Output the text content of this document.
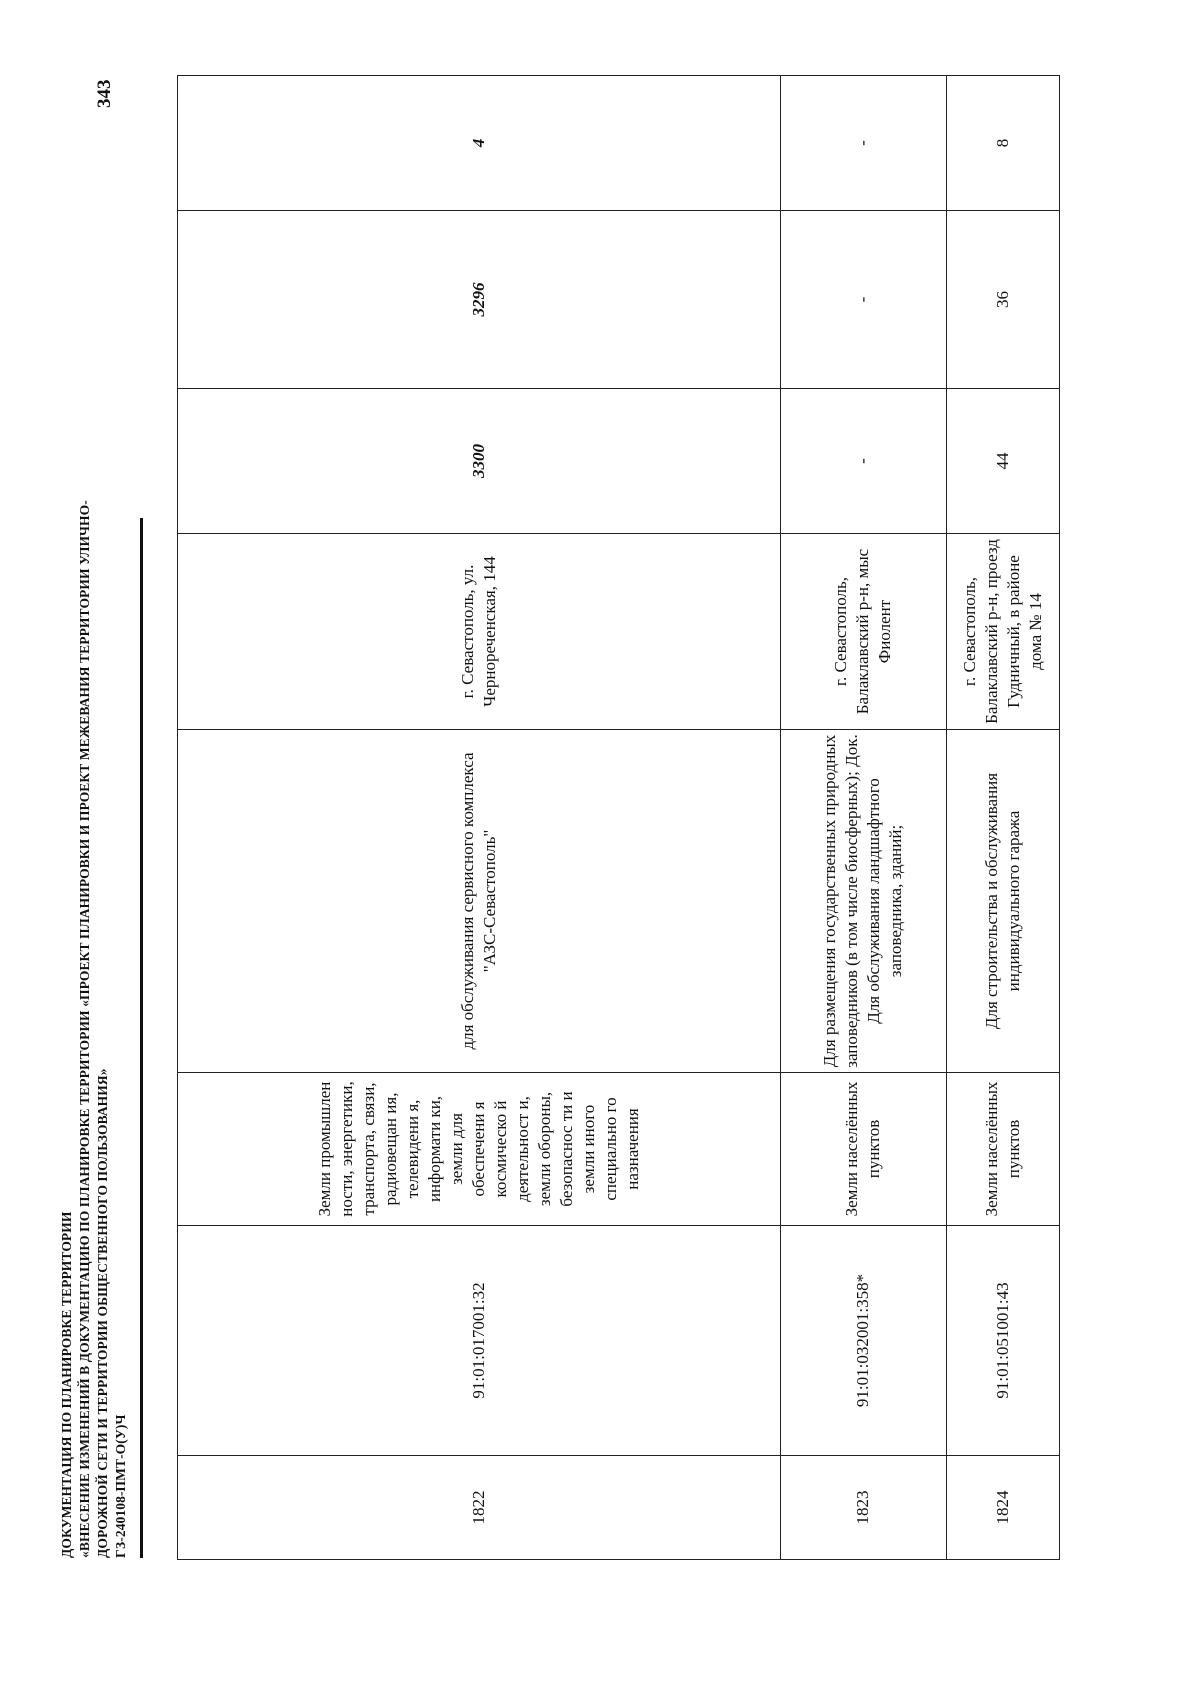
ДОКУМЕНТАЦИЯ ПО ПЛАНИРОВКЕ ТЕРРИТОРИИ «ВНЕСЕНИЕ ИЗМЕНЕНИЙ В ДОКУМЕНТАЦИЮ ПО ПЛАНИРОВКЕ ТЕРРИТОРИИ «ПРОЕКТ ПЛАНИРОВКИ И ПРОЕКТ МЕЖЕВАНИЯ ТЕРРИТОРИИ УЛИЧНО- ДОРОЖНОЙ СЕТИ И ТЕРРИТОРИИ ОБЩЕСТВЕННОГО ПОЛЬЗОВАНИЯ» ГЗ-240108-ПМТ-О(У)Ч
343
1822	91:01:017001:32	Земли промышлен ности, энергетики, транспорта, связи, радиовещан ия, телевидени я, информати ки, земли для обеспечени я космическо й деятельност и, земли обороны, безопаснос ти и земли иного специально го назначения	для обслуживания сервисного комплекса "АЗС-Севастополь"	г. Севастополь, ул. Чернореченская, 144	3300	3296	4
1823	91:01:032001:358*	Земли населённых пунктов	Для размещения государственных природных заповедников (в том числе биосферных); Док. Для обслуживания ландшафтного заповедника, зданий;	г. Севастополь, Балаклавский р-н, мыс Фиолент	-	-	-
1824	91:01:051001:43	Земли населённых пунктов	Для строительства и обслуживания индивидуального гаража	г. Севастополь, Балаклавский р-н, проезд Гудничный, в районе дома № 14	44	36	8
